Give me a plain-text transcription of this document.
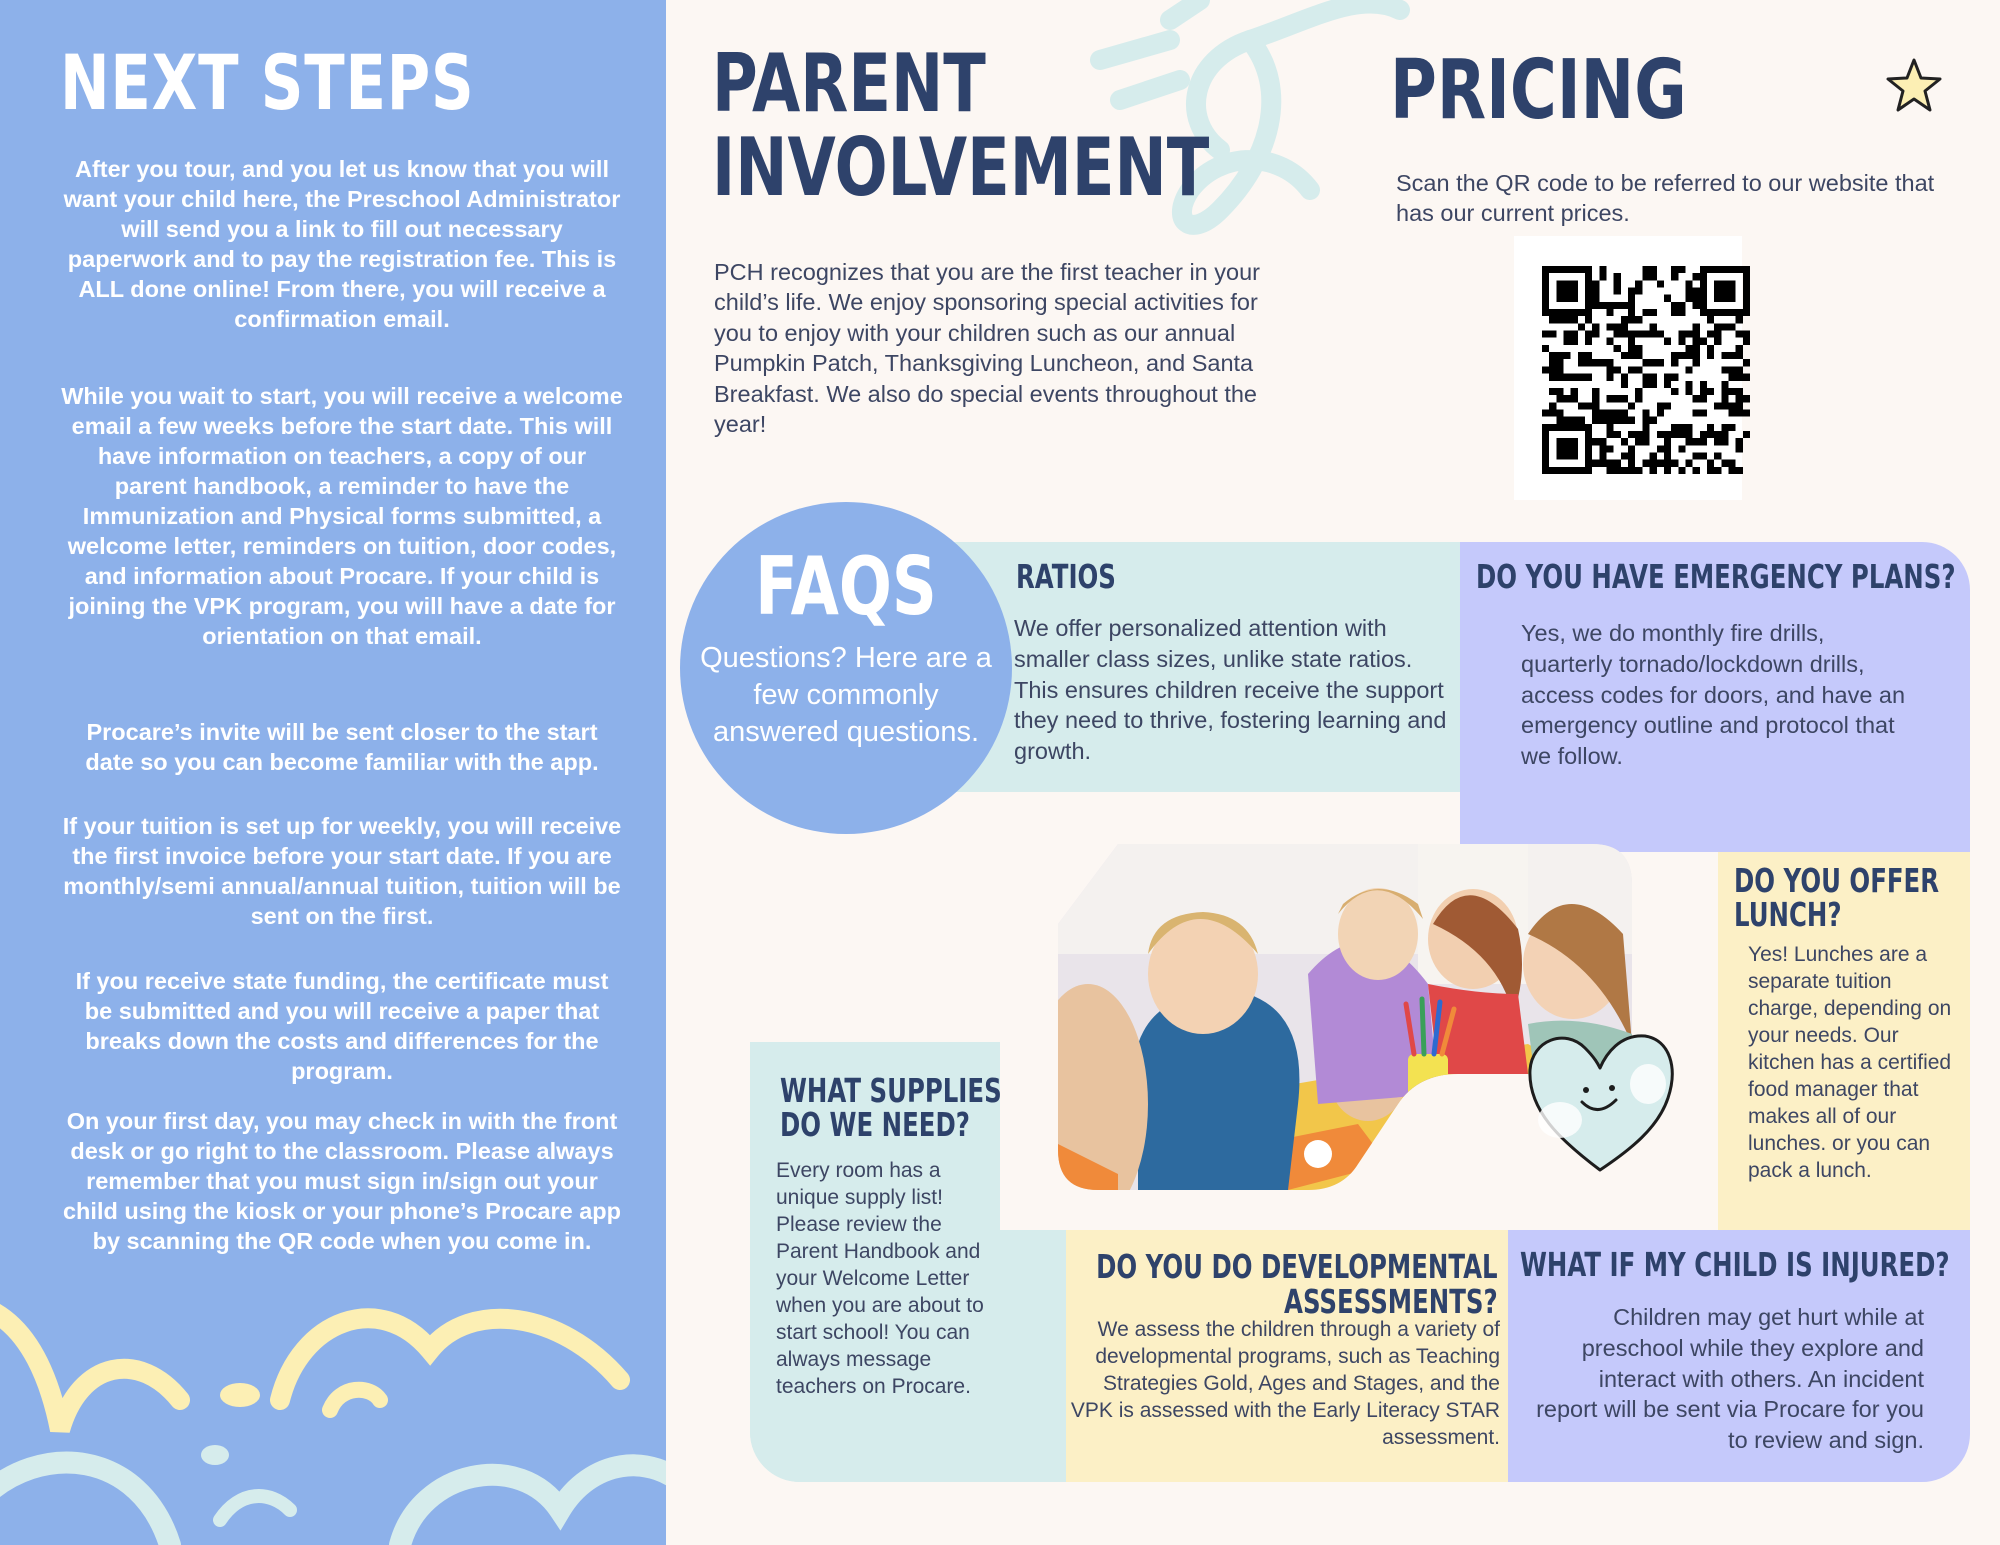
NEXT STEPS

After you tour, and you let us know that you will want your child here, the Preschool Administrator will send you a link to fill out necessary paperwork and to pay the registration fee. This is ALL done online! From there, you will receive a confirmation email.

While you wait to start, you will receive a welcome email a few weeks before the start date. This will have information on teachers, a copy of our parent handbook, a reminder to have the Immunization and Physical forms submitted, a welcome letter, reminders on tuition, door codes, and information about Procare. If your child is joining the VPK program, you will have a date for orientation on that email.

Procare’s invite will be sent closer to the start date so you can become familiar with the app.

If your tuition is set up for weekly, you will receive the first invoice before your start date. If you are monthly/semi annual/annual tuition, tuition will be sent on the first.

If you receive state funding, the certificate must be submitted and you will receive a paper that breaks down the costs and differences for the program.

On your first day, you may check in with the front desk or go right to the classroom. Please always remember that you must sign in/sign out your child using the kiosk or your phone’s Procare app by scanning the QR code when you come in.

PARENT
INVOLVEMENT

PCH recognizes that you are the first teacher in your child’s life. We enjoy sponsoring special activities for you to enjoy with your children such as our annual Pumpkin Patch, Thanksgiving Luncheon, and Santa Breakfast. We also do special events throughout the year!

PRICING

Scan the QR code to be referred to our website that has our current prices.

FAQS

Questions? Here are a few commonly answered questions.

RATIOS

We offer personalized attention with smaller class sizes, unlike state ratios. This ensures children receive the support they need to thrive, fostering learning and growth.

DO YOU HAVE EMERGENCY PLANS?

Yes, we do monthly fire drills, quarterly tornado/lockdown drills, access codes for doors, and have an emergency outline and protocol that we follow.

DO YOU OFFER
LUNCH?

Yes! Lunches are a separate tuition charge, depending on your needs. Our kitchen has a certified food manager that makes all of our lunches. or you can pack a lunch.

WHAT SUPPLIES
DO WE NEED?

Every room has a unique supply list! Please review the Parent Handbook and your Welcome Letter when you are about to start school! You can always message teachers on Procare.

DO YOU DO DEVELOPMENTAL
ASSESSMENTS?

We assess the children through a variety of developmental programs, such as Teaching Strategies Gold, Ages and Stages, and the VPK is assessed with the Early Literacy STAR assessment.

WHAT IF MY CHILD IS INJURED?

Children may get hurt while at preschool while they explore and interact with others. An incident report will be sent via Procare for you to review and sign.
